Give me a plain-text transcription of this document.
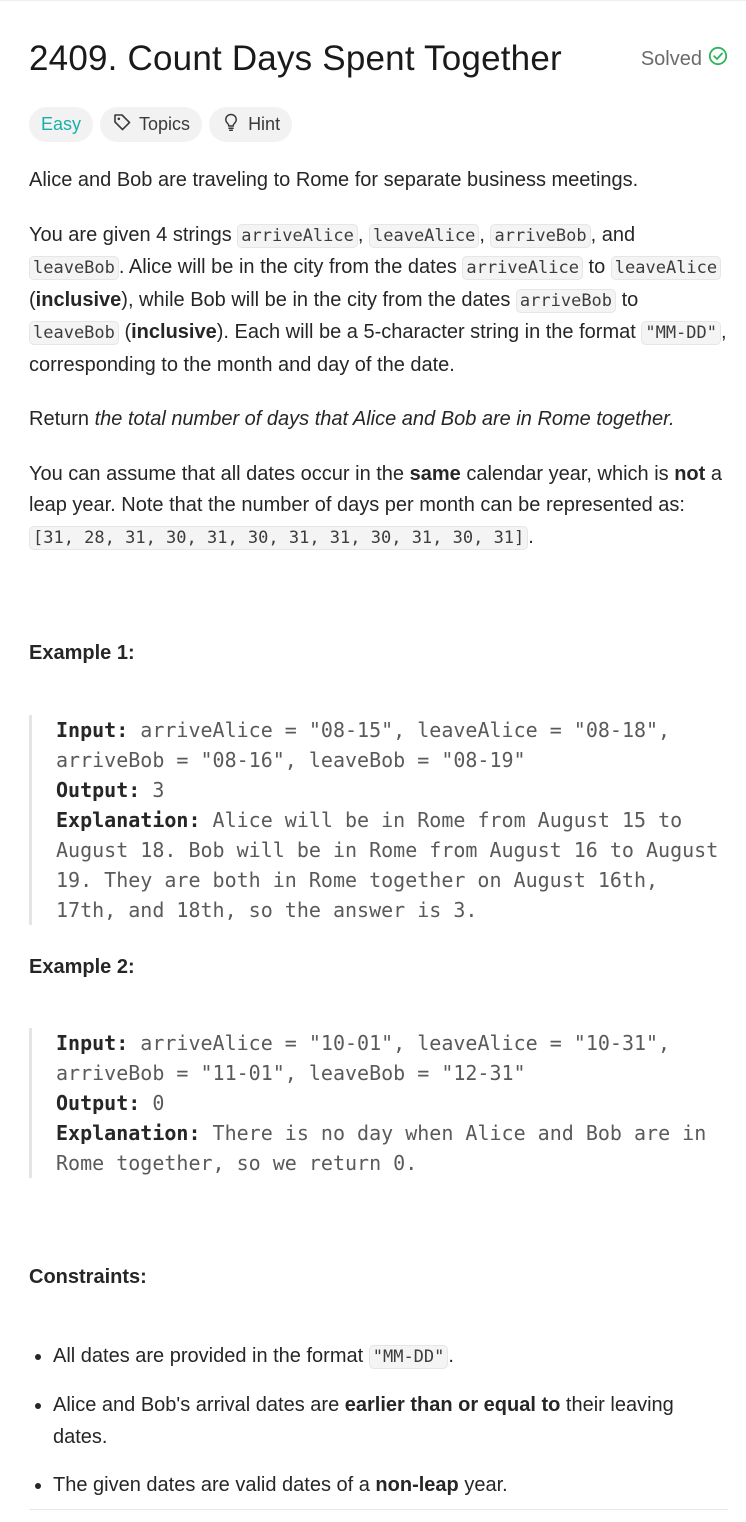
2409. Count Days Spent Together	Solved
Easy	Topics	Hint

Alice and Bob are traveling to Rome for separate business meetings.

You are given 4 strings arriveAlice , leaveAlice , arriveBob , and leaveBob . Alice will be in the city from the dates arriveAlice to leaveAlice (inclusive), while Bob will be in the city from the dates arriveBob to leaveBob (inclusive). Each will be a 5-character string in the format "MM-DD" , corresponding to the month and day of the date.

Return the total number of days that Alice and Bob are in Rome together.

You can assume that all dates occur in the same calendar year, which is not a leap year. Note that the number of days per month can be represented as: [31, 28, 31, 30, 31, 30, 31, 31, 30, 31, 30, 31] .

Example 1:

Input: arriveAlice = "08-15", leaveAlice = "08-18", arriveBob = "08-16", leaveBob = "08-19"
Output: 3
Explanation: Alice will be in Rome from August 15 to August 18. Bob will be in Rome from August 16 to August 19. They are both in Rome together on August 16th, 17th, and 18th, so the answer is 3.

Example 2:

Input: arriveAlice = "10-01", leaveAlice = "10-31", arriveBob = "11-01", leaveBob = "12-31"
Output: 0
Explanation: There is no day when Alice and Bob are in Rome together, so we return 0.

Constraints:

• All dates are provided in the format "MM-DD" .
• Alice and Bob's arrival dates are earlier than or equal to their leaving dates.
• The given dates are valid dates of a non-leap year.
